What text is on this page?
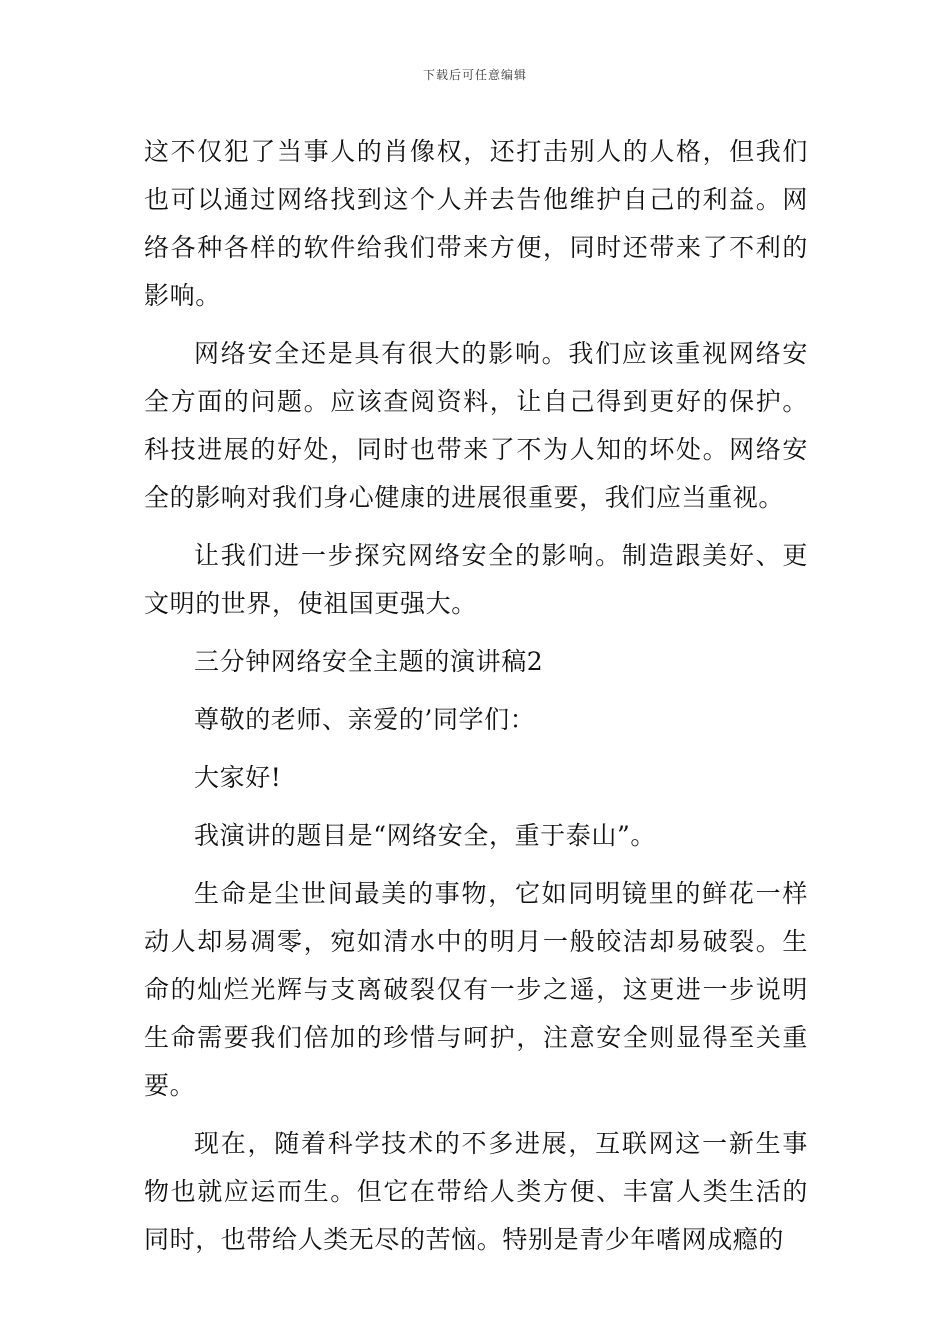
下载后可任意编辑

这不仅犯了当事人的肖像权，还打击别人的人格，但我们也可以通过网络找到这个人并去告他维护自己的利益。网络各种各样的软件给我们带来方便，同时还带来了不利的影响。

网络安全还是具有很大的影响。我们应该重视网络安全方面的问题。应该查阅资料，让自己得到更好的保护。科技进展的好处，同时也带来了不为人知的坏处。网络安全的影响对我们身心健康的进展很重要，我们应当重视。

让我们进一步探究网络安全的影响。制造跟美好、更文明的世界，使祖国更强大。

三分钟网络安全主题的演讲稿2

尊敬的老师、亲爱的’同学们：

大家好!

我演讲的题目是“网络安全，重于泰山”。

生命是尘世间最美的事物，它如同明镜里的鲜花一样动人却易凋零，宛如清水中的明月一般皎洁却易破裂。生命的灿烂光辉与支离破裂仅有一步之遥，这更进一步说明生命需要我们倍加的珍惜与呵护，注意安全则显得至关重要。

现在，随着科学技术的不多进展，互联网这一新生事物也就应运而生。但它在带给人类方便、丰富人类生活的同时，也带给人类无尽的苦恼。特别是青少年嗜网成瘾的
